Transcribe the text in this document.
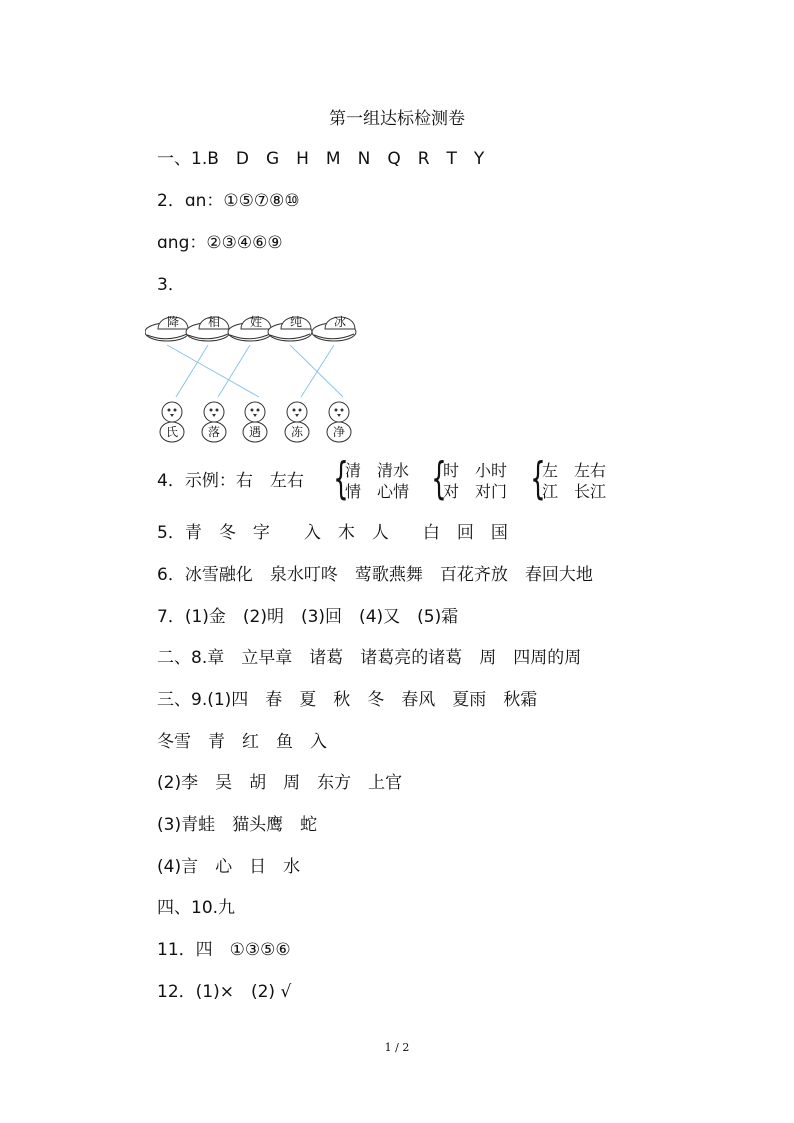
第一组达标检测卷
一、1.B　D　G　H　M　N　Q　R　T　Y
2．ɑn：①⑤⑦⑧⑩
ɑng：②③④⑥⑨
3．
降 相 姓 纯	冰
氏 落 遇 冻 净
4．示例：右　左右 {
清　清水
情　心情 {
时　小时
对　对门 {
左　左右
江　长江
5．青　冬　字　　入　木　人　　白　回　国
6．冰雪融化　泉水叮咚　莺歌燕舞　百花齐放　春回大地
7．(1)金　(2)明　(3)回　(4)又　(5)霜
二、8.章　立早章　诸葛　诸葛亮的诸葛　周　四周的周
三、9.(1)四　春　夏　秋　冬　春风　夏雨　秋霜
冬雪　青　红　鱼　入
(2)李　吴　胡　周　东方　上官
(3)青蛙　猫头鹰　蛇
(4)言　心　日　水
四、10.九
11．四　①③⑤⑥
12．(1)×　(2) √
1 / 2
